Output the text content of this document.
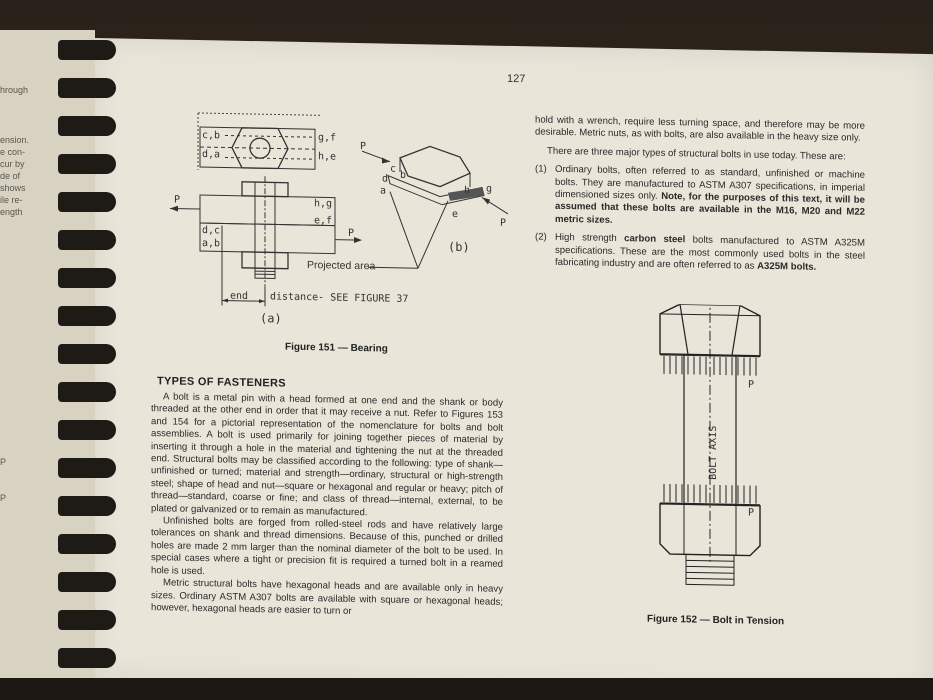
hrough
ension.
e con-
cur by
de of
shows
ile re-
ength
P
P
127
c,b
d,a
g,f
h,e
P
P
h,g
e,f
d,c
a,b
end distance- SEE FIGURE 37
(a)
P
P
c
b
d
a	h g
e
(b)
Projected area
Figure 151 — Bearing
TYPES OF FASTENERS

A bolt is a metal pin with a head formed at one end and the shank or body threaded at the other end in order that it may receive a nut. Refer to Figures 153 and 154 for a pictorial representation of the nomenclature for bolts and bolt assemblies. A bolt is used primarily for joining together pieces of material by inserting it through a hole in the material and tightening the nut at the threaded end. Structural bolts may be classified according to the following: type of shank—unfinished or turned; material and strength—ordinary, structural or high-strength steel; shape of head and nut—square or hexagonal and regular or heavy; pitch of thread—standard, coarse or fine; and class of thread—internal, external, to be plated or galvanized or to remain as manufactured.

Unfinished bolts are forged from rolled-steel rods and have relatively large tolerances on shank and thread dimensions. Because of this, punched or drilled holes are made 2 mm larger than the nominal diameter of the bolt to be used. In special cases where a tight or precision fit is required a turned bolt in a reamed hole is used.

Metric structural bolts have hexagonal heads and are available only in heavy sizes. Ordinary ASTM A307 bolts are available with square or hexagonal heads; however, hexagonal heads are easier to turn or

hold with a wrench, require less turning space, and therefore may be more desirable. Metric nuts, as with bolts, are also available in the heavy size only.

There are three major types of structural bolts in use today. These are:

(1) Ordinary bolts, often referred to as standard, unfinished or machine bolts. They are manufactured to ASTM A307 specifications, in imperial dimensioned sizes only. Note, for the purposes of this text, it will be assumed that these bolts are available in the M16, M20 and M22 metric sizes.
(2) High strength carbon steel bolts manufactured to ASTM A325M specifications. These are the most commonly used bolts in the steel fabricating industry and are often referred to as A325M bolts.
P
P
BOLT AXIS
Figure 152 — Bolt in Tension
